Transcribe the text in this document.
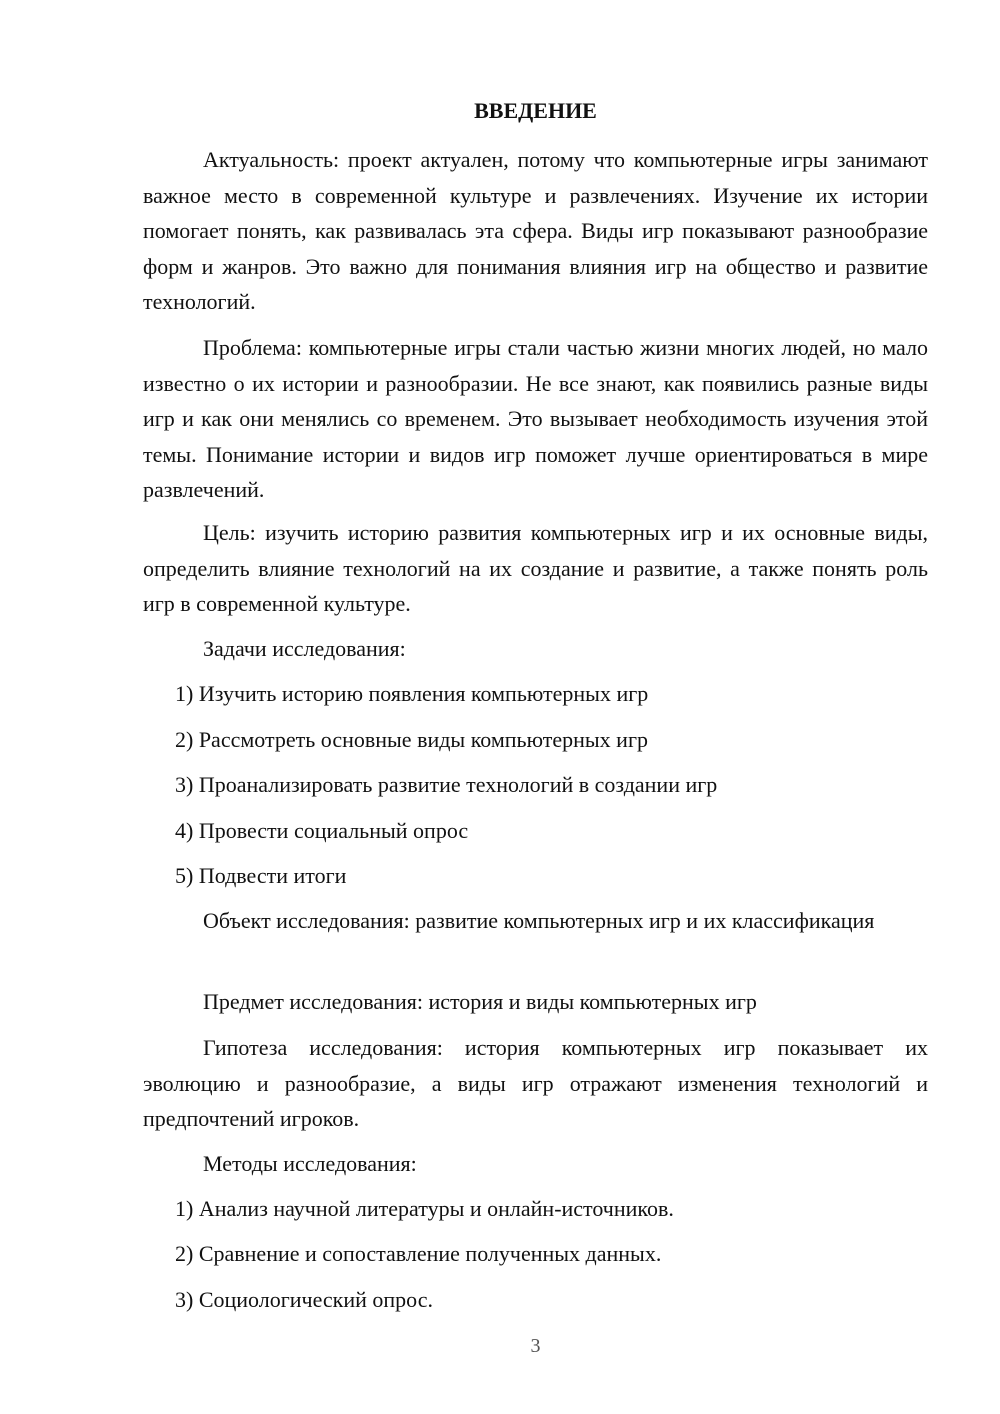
ВВЕДЕНИЕ

Актуальность: проект актуален, потому что компьютерные игры занимают важное место в современной культуре и развлечениях. Изучение их истории помогает понять, как развивалась эта сфера. Виды игр показывают разнообразие форм и жанров. Это важно для понимания влияния игр на общество и развитие технологий.

Проблема: компьютерные игры стали частью жизни многих людей, но мало известно о их истории и разнообразии. Не все знают, как появились разные виды игр и как они менялись со временем. Это вызывает необходимость изучения этой темы. Понимание истории и видов игр поможет лучше ориентироваться в мире развлечений.

Цель: изучить историю развития компьютерных игр и их основные виды, определить влияние технологий на их создание и развитие, а также понять роль игр в современной культуре.

Задачи исследования:

1) Изучить историю появления компьютерных игр

2) Рассмотреть основные виды компьютерных игр

3) Проанализировать развитие технологий в создании игр

4) Провести социальный опрос

5) Подвести итоги

Объект исследования: развитие компьютерных игр и их классификация

Предмет исследования: история и виды компьютерных игр

Гипотеза исследования: история компьютерных игр показывает их эволюцию и разнообразие, а виды игр отражают изменения технологий и предпочтений игроков.

Методы исследования:

1) Анализ научной литературы и онлайн-источников.

2) Сравнение и сопоставление полученных данных.

3) Социологический опрос.

3
